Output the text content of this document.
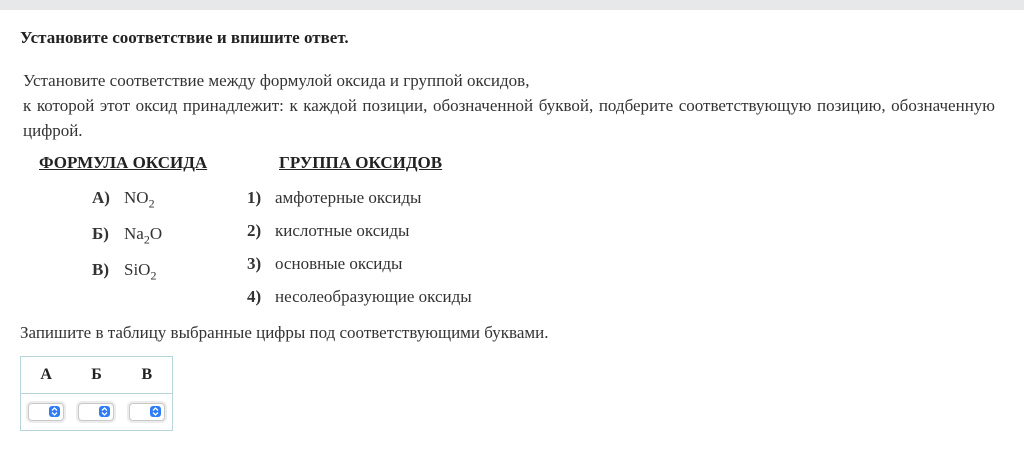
Установите соответствие и впишите ответ.

Установите соответствие между формулой оксида и группой оксидов,

к которой этот оксид принадлежит: к каждой позиции, обозначенной буквой, подберите соответствующую позицию, обозначенную цифрой.

ФОРМУЛА ОКСИДА	ГРУППА ОКСИДОВ
А) $NO_2$
Б) $Na_2O$
В) SiO$_2$
1) амфотерные оксиды
2) кислотные оксиды
3) основные оксиды
4) несолеобразующие оксиды
Запишите в таблицу выбранные цифры под соответствующими буквами.
А	Б	В
